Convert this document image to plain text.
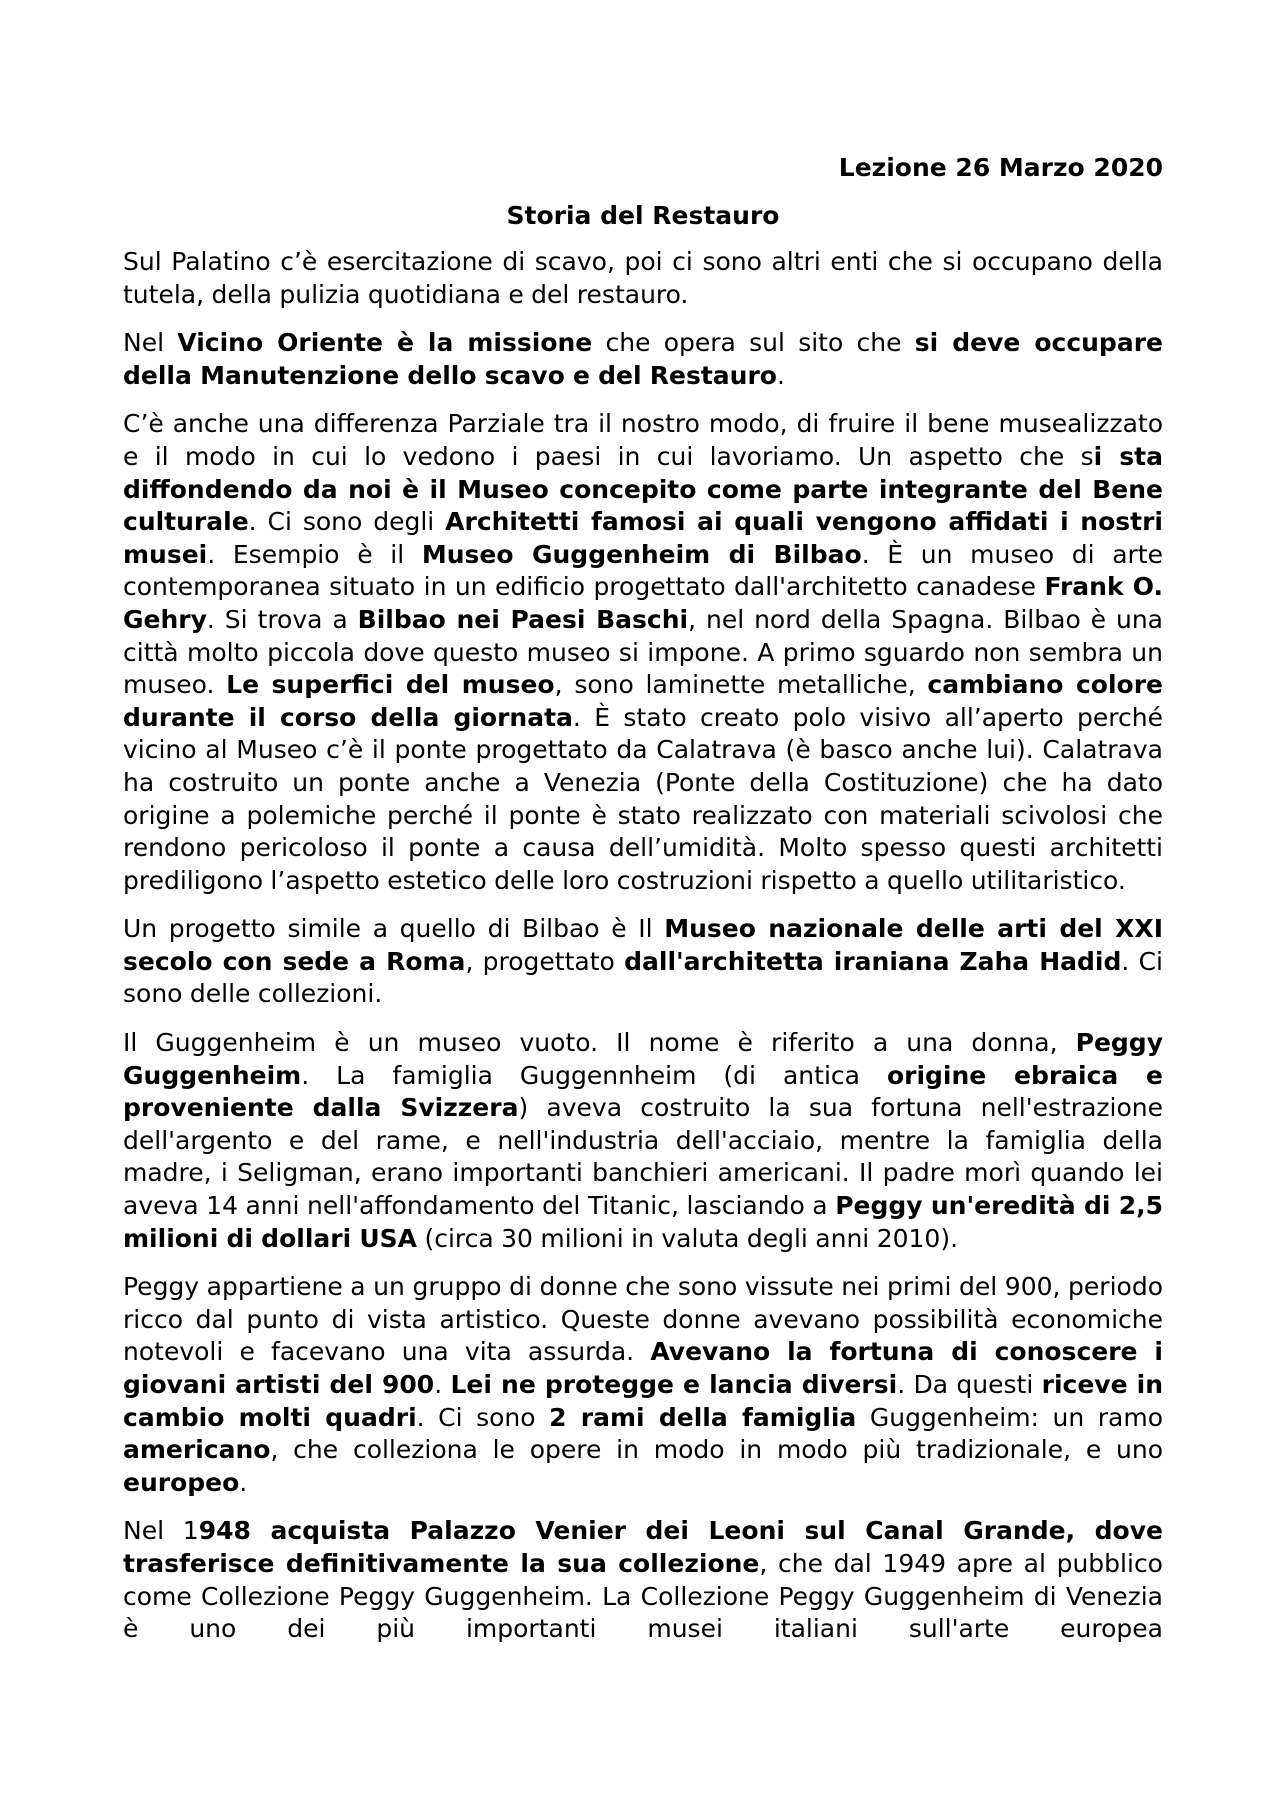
Lezione 26 Marzo 2020
Storia del Restauro

Sul Palatino c’è esercitazione di scavo, poi ci sono altri enti che si occupano della tutela, della pulizia quotidiana e del restauro.

Nel Vicino Oriente è la missione che opera sul sito che si deve occupare della Manutenzione dello scavo e del Restauro.

C’è anche una differenza Parziale tra il nostro modo, di fruire il bene musealizzato e il modo in cui lo vedono i paesi in cui lavoriamo. Un aspetto che si sta diffondendo da noi è il Museo concepito come parte integrante del Bene culturale. Ci sono degli Architetti famosi ai quali vengono affidati i nostri musei. Esempio è il Museo Guggenheim di Bilbao. È un museo di arte contemporanea situato in un edificio progettato dall'architetto canadese Frank O. Gehry. Si trova a Bilbao nei Paesi Baschi, nel nord della Spagna. Bilbao è una città molto piccola dove questo museo si impone. A primo sguardo non sembra un museo. Le superfici del museo, sono laminette metalliche, cambiano colore durante il corso della giornata. È stato creato polo visivo all’aperto perché vicino al Museo c’è il ponte progettato da Calatrava (è basco anche lui). Calatrava ha costruito un ponte anche a Venezia (Ponte della Costituzione) che ha dato origine a polemiche perché il ponte è stato realizzato con materiali scivolosi che rendono pericoloso il ponte a causa dell’umidità. Molto spesso questi architetti prediligono l’aspetto estetico delle loro costruzioni rispetto a quello utilitaristico.

Un progetto simile a quello di Bilbao è Il Museo nazionale delle arti del XXI secolo con sede a Roma, progettato dall'architetta iraniana Zaha Hadid. Ci sono delle collezioni.

Il Guggenheim è un museo vuoto. Il nome è riferito a una donna, Peggy Guggenheim. La famiglia Guggennheim (di antica origine ebraica e proveniente dalla Svizzera) aveva costruito la sua fortuna nell'estrazione dell'argento e del rame, e nell'industria dell'acciaio, mentre la famiglia della madre, i Seligman, erano importanti banchieri americani. Il padre morì quando lei aveva 14 anni nell'affondamento del Titanic, lasciando a Peggy un'eredità di 2,5 milioni di dollari USA (circa 30 milioni in valuta degli anni 2010).

Peggy appartiene a un gruppo di donne che sono vissute nei primi del 900, periodo ricco dal punto di vista artistico. Queste donne avevano possibilità economiche notevoli e facevano una vita assurda. Avevano la fortuna di conoscere i giovani artisti del 900. Lei ne protegge e lancia diversi. Da questi riceve in cambio molti quadri. Ci sono 2 rami della famiglia Guggenheim: un ramo americano, che colleziona le opere in modo in modo più tradizionale, e uno europeo.

Nel 1948 acquista Palazzo Venier dei Leoni sul Canal Grande, dove trasferisce definitivamente la sua collezione, che dal 1949 apre al pubblico come Collezione Peggy Guggenheim. La Collezione Peggy Guggenheim di Venezia è uno dei più importanti musei italiani sull'arte europea
